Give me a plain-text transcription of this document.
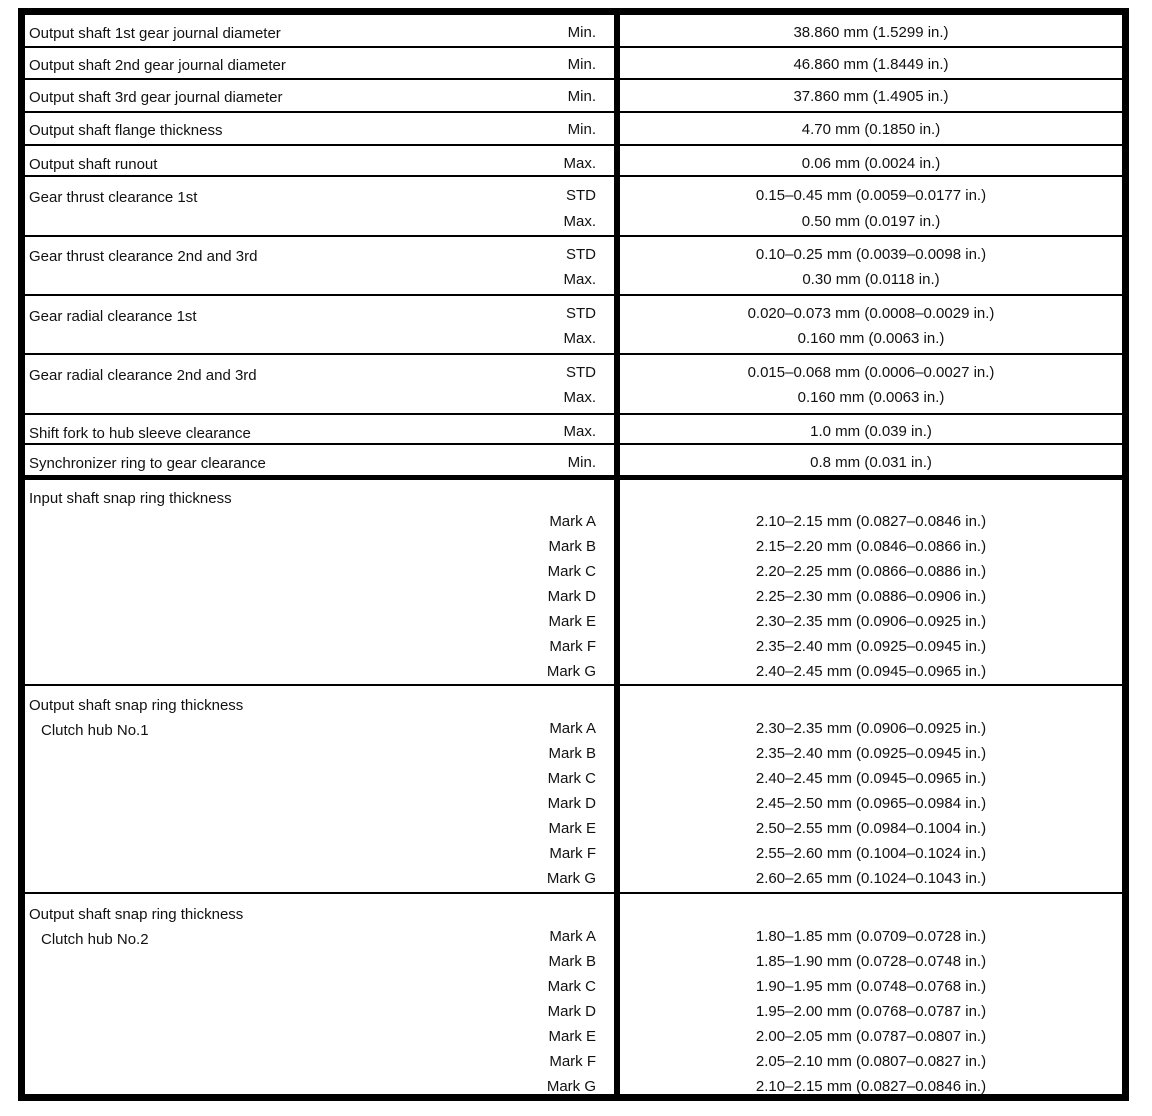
Output shaft 1st gear journal diameter	Min.	38.860 mm (1.5299 in.)
Output shaft 2nd gear journal diameter	Min.	46.860 mm (1.8449 in.)
Output shaft 3rd gear journal diameter	Min.	37.860 mm (1.4905 in.)
Output shaft flange thickness	Min.	4.70 mm (0.1850 in.)
Output shaft runout	Max.	0.06 mm (0.0024 in.)
Gear thrust clearance 1st	STD	0.15–0.45 mm (0.0059–0.0177 in.)
Max.	0.50 mm (0.0197 in.)
Gear thrust clearance 2nd and 3rd	STD	0.10–0.25 mm (0.0039–0.0098 in.)
Max.	0.30 mm (0.0118 in.)
Gear radial clearance 1st	STD	0.020–0.073 mm (0.0008–0.0029 in.)
Max.	0.160 mm (0.0063 in.)
Gear radial clearance 2nd and 3rd	STD	0.015–0.068 mm (0.0006–0.0027 in.)
Max.	0.160 mm (0.0063 in.)
Shift fork to hub sleeve clearance	Max.	1.0 mm (0.039 in.)
Synchronizer ring to gear clearance	Min.	0.8 mm (0.031 in.)
Input shaft snap ring thickness
Mark A	2.10–2.15 mm (0.0827–0.0846 in.)
Mark B	2.15–2.20 mm (0.0846–0.0866 in.)
Mark C	2.20–2.25 mm (0.0866–0.0886 in.)
Mark D	2.25–2.30 mm (0.0886–0.0906 in.)
Mark E	2.30–2.35 mm (0.0906–0.0925 in.)
Mark F	2.35–2.40 mm (0.0925–0.0945 in.)
Mark G	2.40–2.45 mm (0.0945–0.0965 in.)
Output shaft snap ring thickness
Clutch hub No.1	Mark A	2.30–2.35 mm (0.0906–0.0925 in.)
Mark B	2.35–2.40 mm (0.0925–0.0945 in.)
Mark C	2.40–2.45 mm (0.0945–0.0965 in.)
Mark D	2.45–2.50 mm (0.0965–0.0984 in.)
Mark E	2.50–2.55 mm (0.0984–0.1004 in.)
Mark F	2.55–2.60 mm (0.1004–0.1024 in.)
Mark G	2.60–2.65 mm (0.1024–0.1043 in.)
Output shaft snap ring thickness
Clutch hub No.2	Mark A	1.80–1.85 mm (0.0709–0.0728 in.)
Mark B	1.85–1.90 mm (0.0728–0.0748 in.)
Mark C	1.90–1.95 mm (0.0748–0.0768 in.)
Mark D	1.95–2.00 mm (0.0768–0.0787 in.)
Mark E	2.00–2.05 mm (0.0787–0.0807 in.)
Mark F	2.05–2.10 mm (0.0807–0.0827 in.)
Mark G	2.10–2.15 mm (0.0827–0.0846 in.)
